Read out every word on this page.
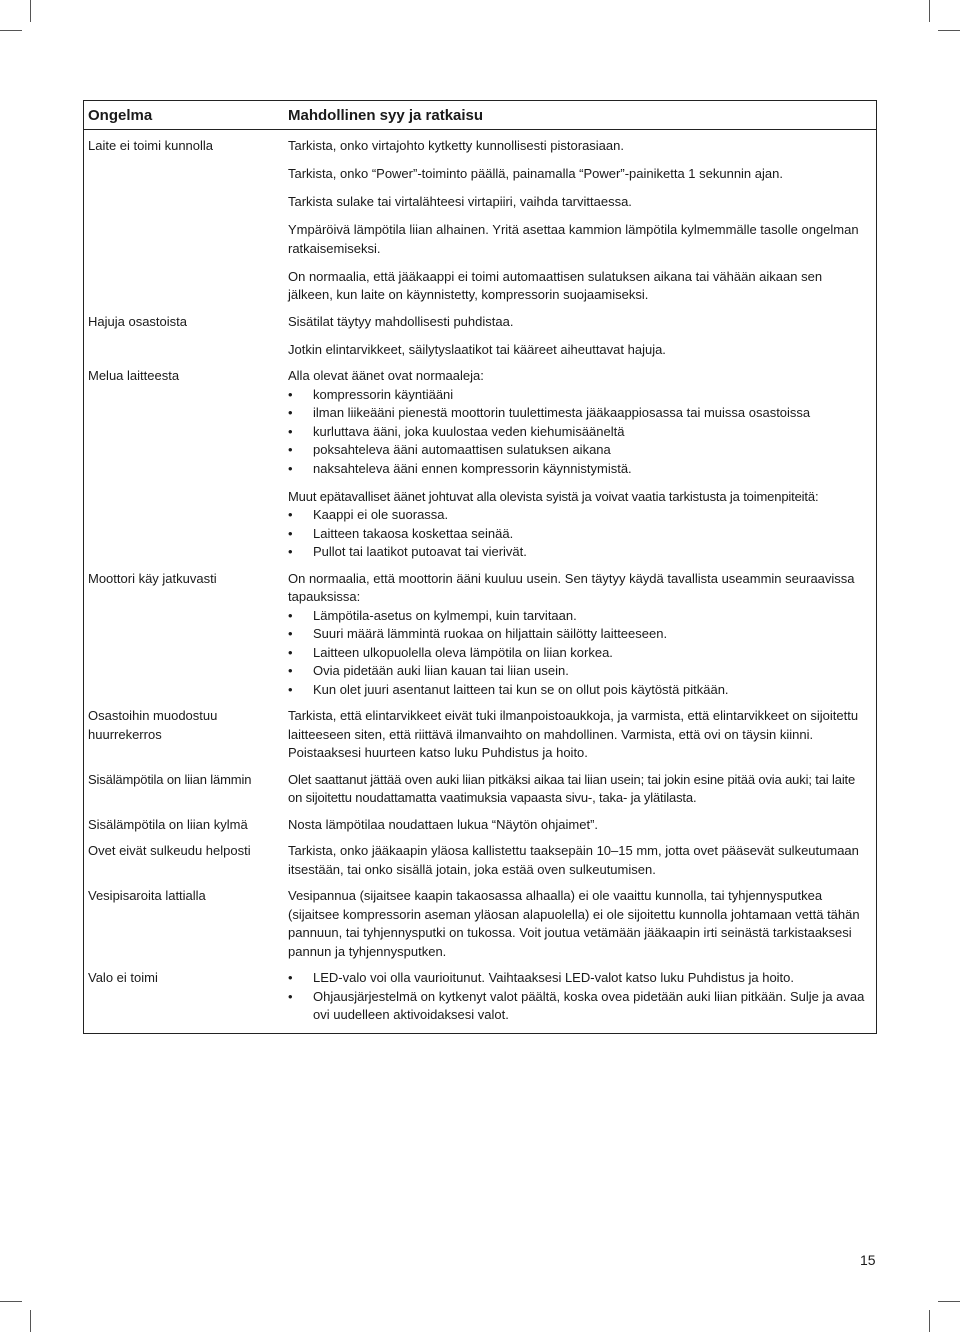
Ongelma	Mahdollinen syy ja ratkaisu
Laite ei toimi kunnolla	Tarkista, onko virtajohto kytketty kunnollisesti pistorasiaan.

Tarkista, onko “Power”-toiminto päällä, painamalla “Power”-painiketta 1 sekunnin ajan.

Tarkista sulake tai virtalähteesi virtapiiri, vaihda tarvittaessa.

Ympäröivä lämpötila liian alhainen. Yritä asettaa kammion lämpötila kylmemmälle tasolle ongelman ratkaisemiseksi.

On normaalia, että jääkaappi ei toimi automaattisen sulatuksen aikana tai vähään aikaan sen jälkeen, kun laite on käynnistetty, kompressorin suojaamiseksi.

Hajuja osastoista	Sisätilat täytyy mahdollisesti puhdistaa.

Jotkin elintarvikkeet, säilytyslaatikot tai kääreet aiheuttavat hajuja.

Melua laitteesta	Alla olevat äänet ovat normaaleja:

• kompressorin käyntiääni
• ilman liikeääni pienestä moottorin tuulettimesta jääkaappiosassa tai muissa osastoissa
• kurluttava ääni, joka kuulostaa veden kiehumisääneltä
• poksahteleva ääni automaattisen sulatuksen aikana
• naksahteleva ääni ennen kompressorin käynnistymistä.

Muut epätavalliset äänet johtuvat alla olevista syistä ja voivat vaatia tarkistusta ja toimenpiteitä:

• Kaappi ei ole suorassa.
• Laitteen takaosa koskettaa seinää.
• Pullot tai laatikot putoavat tai vierivät.
Moottori käy jatkuvasti	On normaalia, että moottorin ääni kuuluu usein. Sen täytyy käydä tavallista useammin seuraavissa tapauksissa:

• Lämpötila-asetus on kylmempi, kuin tarvitaan.
• Suuri määrä lämmintä ruokaa on hiljattain säilötty laitteeseen.
• Laitteen ulkopuolella oleva lämpötila on liian korkea.
• Ovia pidetään auki liian kauan tai liian usein.
• Kun olet juuri asentanut laitteen tai kun se on ollut pois käytöstä pitkään.
Osastoihin muodostuu huurrekerros

Tarkista, että elintarvikkeet eivät tuki ilmanpoistoaukkoja, ja varmista, että elintarvikkeet on sijoitettu laitteeseen siten, että riittävä ilmanvaihto on mahdollinen. Varmista, että ovi on täysin kiinni. Poistaaksesi huurteen katso luku Puhdistus ja hoito.

Sisälämpötila on liian lämmin	Olet saattanut jättää oven auki liian pitkäksi aikaa tai liian usein; tai jokin esine pitää ovia auki; tai laite on sijoitettu noudattamatta vaatimuksia vapaasta sivu-, taka- ja ylätilasta.

Sisälämpötila on liian kylmä	Nosta lämpötilaa noudattaen lukua “Näytön ohjaimet”.

Ovet eivät sulkeudu helposti	Tarkista, onko jääkaapin yläosa kallistettu taaksepäin 10–15 mm, jotta ovet pääsevät sulkeutumaan itsestään, tai onko sisällä jotain, joka estää oven sulkeutumisen.

Vesipisaroita lattialla	Vesipannua (sijaitsee kaapin takaosassa alhaalla) ei ole vaaittu kunnolla, tai tyhjennysputkea (sijaitsee kompressorin aseman yläosan alapuolella) ei ole sijoitettu kunnolla johtamaan vettä tähän pannuun, tai tyhjennysputki on tukossa. Voit joutua vetämään jääkaapin irti seinästä tarkistaaksesi pannun ja tyhjennysputken.

Valo ei toimi
•	LED-valo voi olla vaurioitunut. Vaihtaaksesi LED-valot katso luku Puhdistus ja hoito.
• Ohjausjärjestelmä on kytkenyt valot päältä, koska ovea pidetään auki liian pitkään. Sulje ja avaa ovi uudelleen aktivoidaksesi valot.
15
